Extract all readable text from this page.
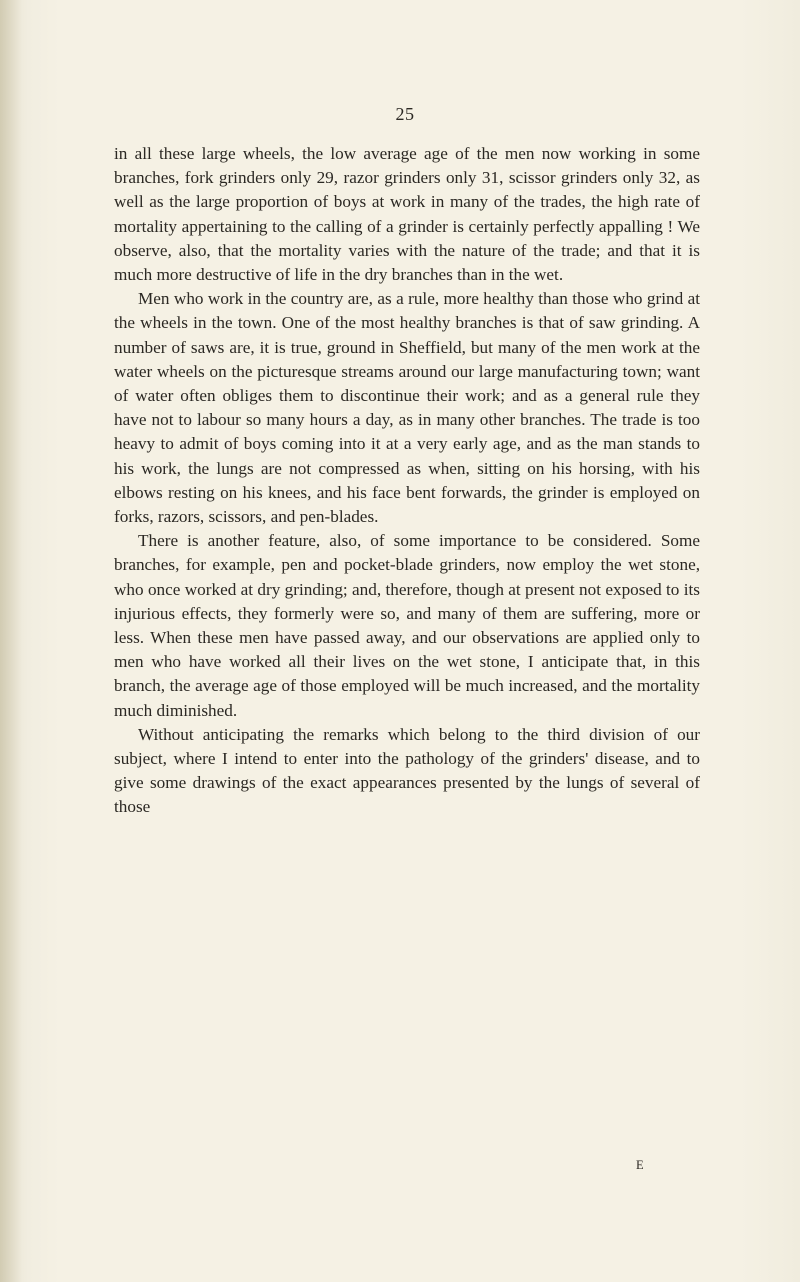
25

in all these large wheels, the low average age of the men now working in some branches, fork grinders only 29, razor grinders only 31, scissor grinders only 32, as well as the large proportion of boys at work in many of the trades, the high rate of mortality appertaining to the calling of a grinder is certainly perfectly appalling ! We observe, also, that the mortality varies with the nature of the trade; and that it is much more destructive of life in the dry branches than in the wet.

Men who work in the country are, as a rule, more healthy than those who grind at the wheels in the town. One of the most healthy branches is that of saw grinding. A number of saws are, it is true, ground in Sheffield, but many of the men work at the water wheels on the picturesque streams around our large manufacturing town; want of water often obliges them to discontinue their work; and as a general rule they have not to labour so many hours a day, as in many other branches. The trade is too heavy to admit of boys coming into it at a very early age, and as the man stands to his work, the lungs are not compressed as when, sitting on his horsing, with his elbows resting on his knees, and his face bent forwards, the grinder is employed on forks, razors, scissors, and pen-blades.

There is another feature, also, of some importance to be considered. Some branches, for example, pen and pocket-blade grinders, now employ the wet stone, who once worked at dry grinding; and, therefore, though at present not exposed to its injurious effects, they formerly were so, and many of them are suffering, more or less. When these men have passed away, and our observations are applied only to men who have worked all their lives on the wet stone, I anticipate that, in this branch, the average age of those employed will be much increased, and the mortality much diminished.

Without anticipating the remarks which belong to the third division of our subject, where I intend to enter into the pathology of the grinders' disease, and to give some drawings of the exact appearances presented by the lungs of several of those

E
